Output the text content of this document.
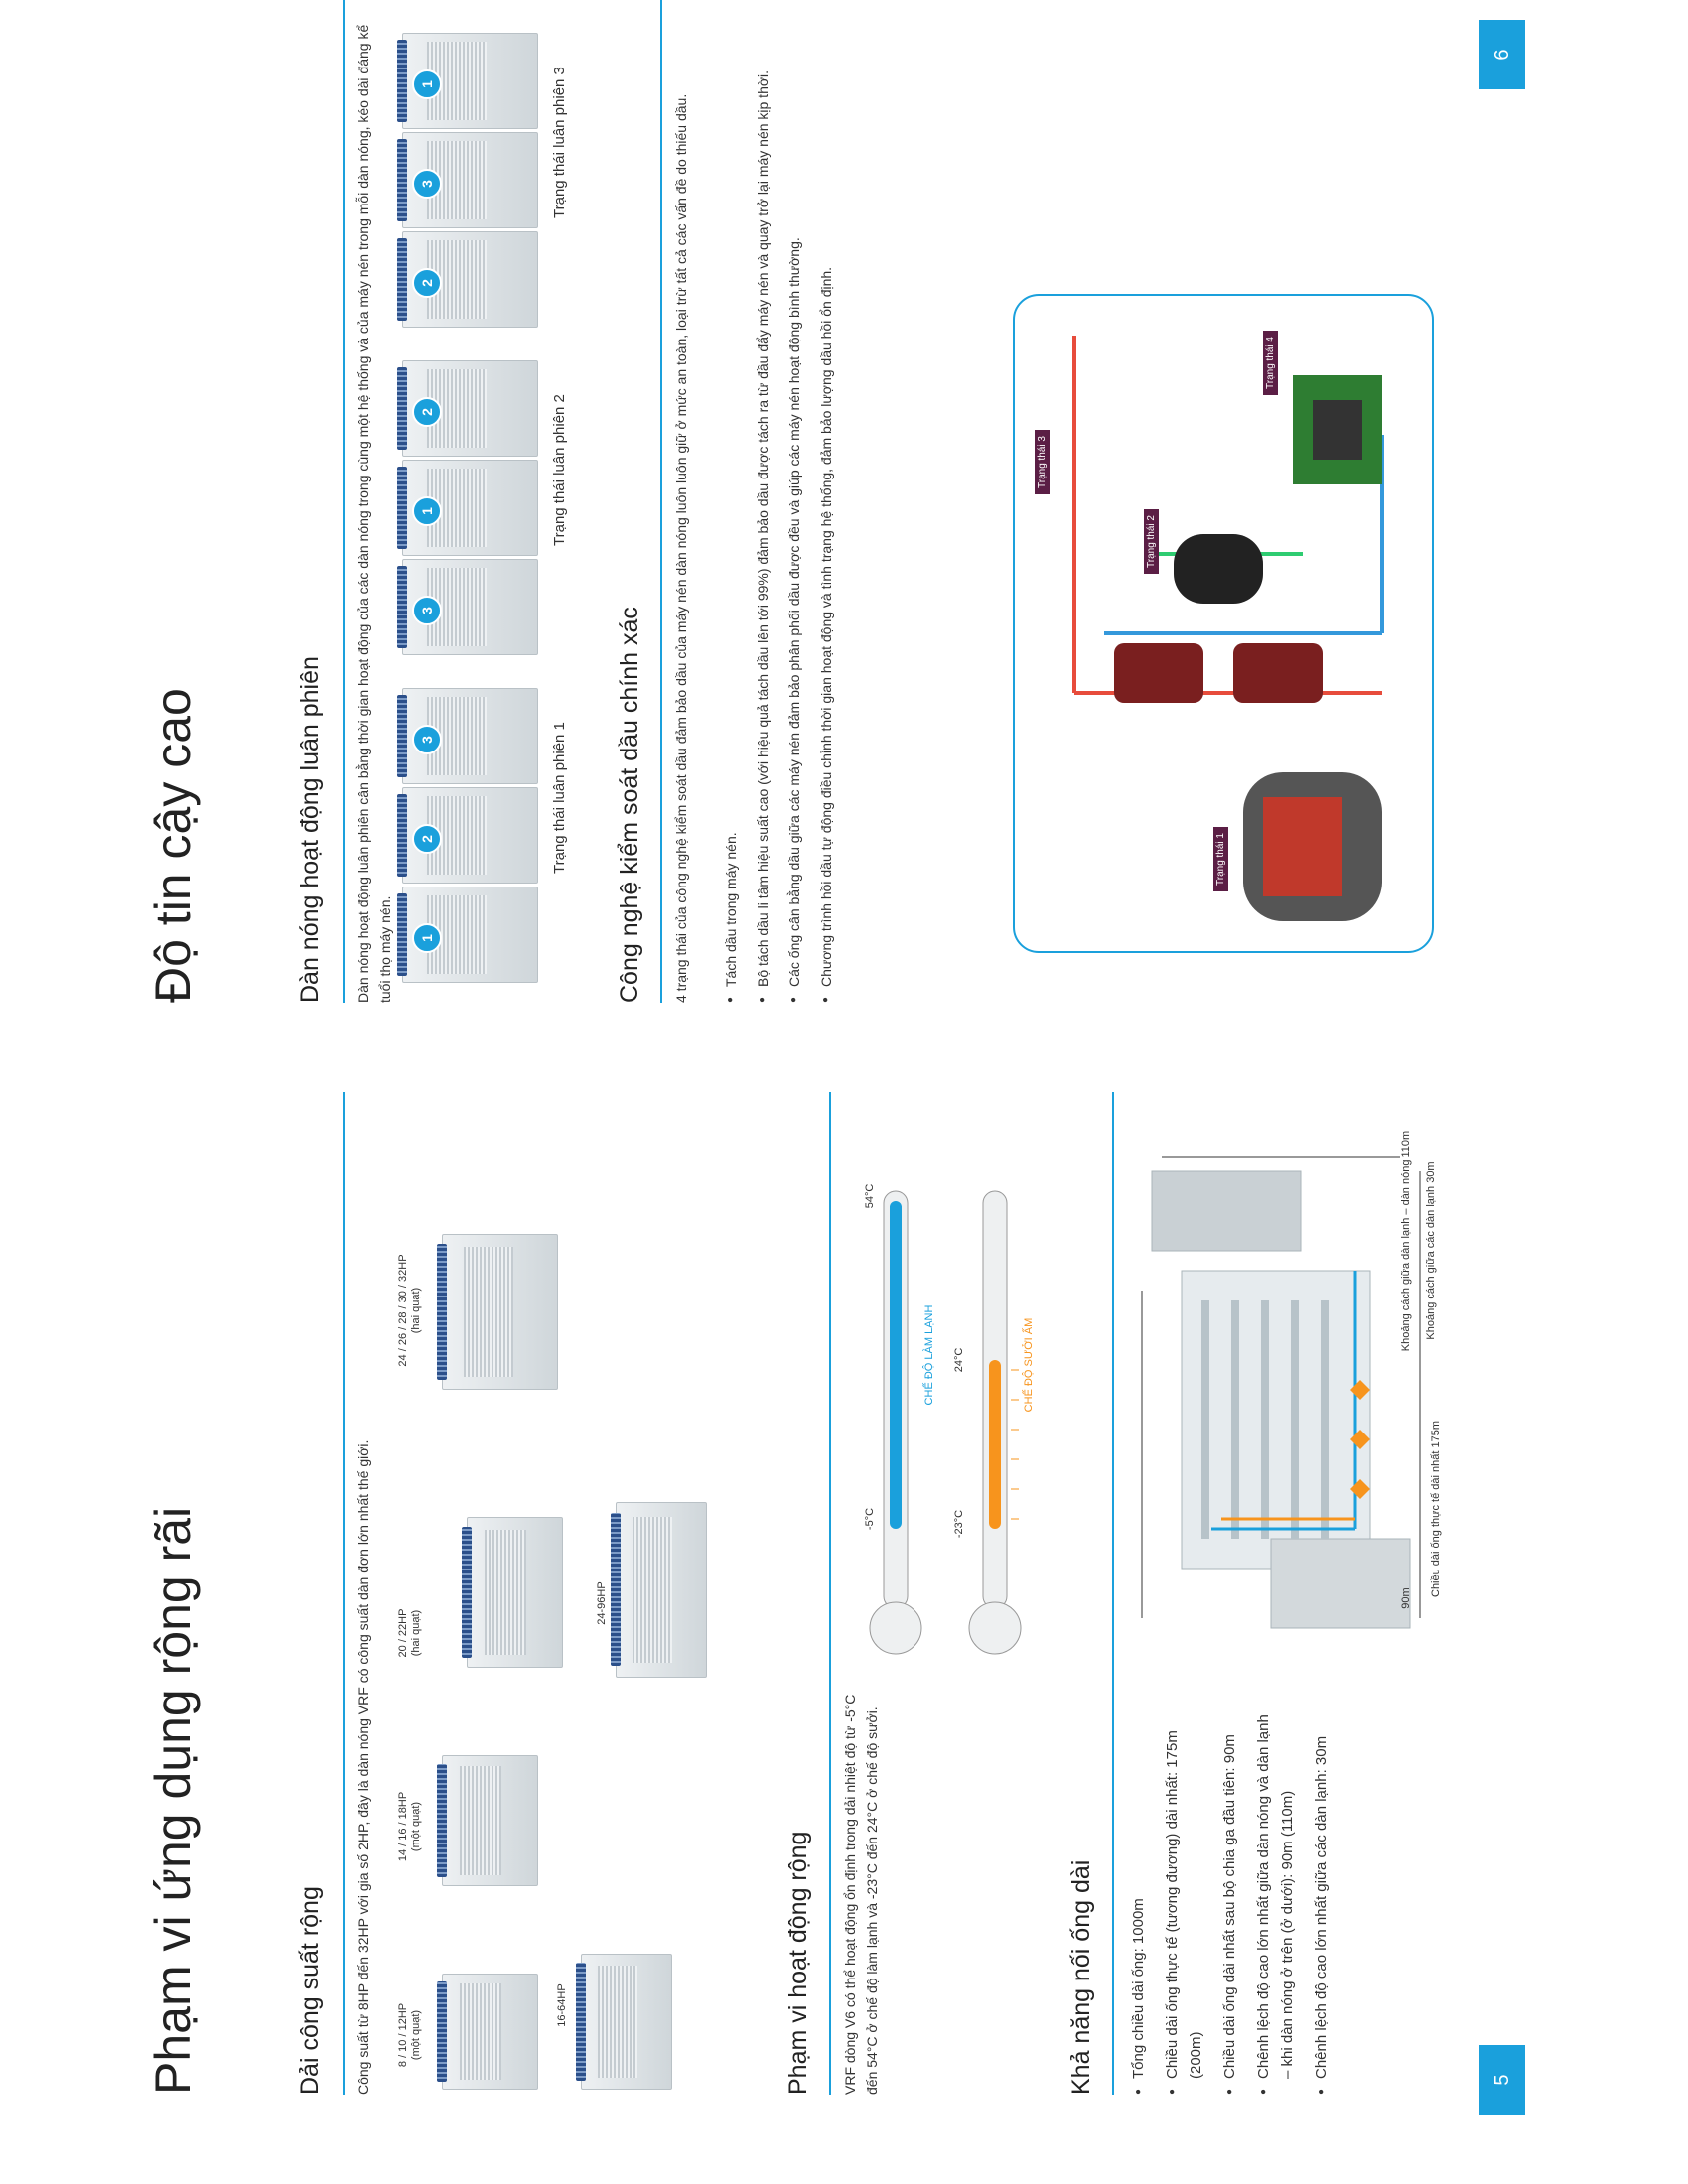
5
Phạm vi ứng dụng rộng rãi	Dải công suất rộng Công suất từ 8HP đến 32HP với gia số 2HP, đây là dàn nóng VRF có công suất dàn đơn lớn nhất thế giới. 8 / 10 / 12HP (một quạt)
16-64HP
14 / 16 / 18HP (một quạt)
20 / 22HP (hai quạt)
24-96HP
24 / 26 / 28 / 30 / 32HP (hai quạt)
Phạm vi hoạt động rộng VRF dòng V6 có thể hoạt động ổn định trong dải nhiệt độ từ -5°C đến 54°C ở chế độ làm lạnh và -23°C đến 24°C ở chế độ sưởi.
-5°C
54°C
CHẾ ĐỘ LÀM LẠNH
-23°C
24°C	CHẾ ĐỘ SƯỞI ẤM
Khả năng nối ống dài ● Tổng chiều dài ống: 1000m ● Chiều dài ống thực tế (tương đương) dài nhất: 175m (200m) ● Chiều dài ống dài nhất sau bộ chia ga đầu tiên: 90m ● Chênh lệch độ cao lớn nhất giữa dàn nóng và dàn lạnh – khi dàn nóng ở trên (ở dưới): 90m (110m) ● Chênh lệch độ cao lớn nhất giữa các dàn lạnh: 30m
Chiều dài ống thực tế dài nhất 175m
90m
Khoảng cách giữa dàn lạnh – dàn nóng 110m Khoảng cách giữa các dàn lạnh 30m
6
Độ tin cậy cao	Dàn nóng hoạt động luân phiên Dàn nóng hoạt động luân phiên cân bằng thời gian hoạt động của các dàn nóng trong cùng một hệ thống và của máy nén trong mỗi dàn nóng, kéo dài đáng kể tuổi thọ máy nén.	1
2
3	Trạng thái luân phiên 1
3
1
2	Trạng thái luân phiên 2
2
3
1	Trạng thái luân phiên 3
Công nghệ kiểm soát dầu chính xác 4 trạng thái của công nghệ kiểm soát dầu đảm bảo dầu của máy nén dàn nóng luôn luôn giữ ở mức an toàn, loại trừ tất cả các vấn đề do thiếu dầu. ● Tách dầu trong máy nén. ● Bộ tách dầu li tâm hiệu suất cao (với hiệu quả tách dầu lên tới 99%) đảm bảo dầu được tách ra từ đầu đẩy máy nén và quay trở lại máy nén kịp thời. ● Các ống cân bằng dầu giữa các máy nén đảm bảo phân phối dầu được đều và giúp các máy nén hoạt động bình thường. ● Chương trình hồi dầu tự động điều chỉnh thời gian hoạt động và tình trạng hệ thống, đảm bảo lượng dầu hồi ổn định.	Trạng thái 1
Trạng thái 2
Trạng thái 3
Trạng thái 4
